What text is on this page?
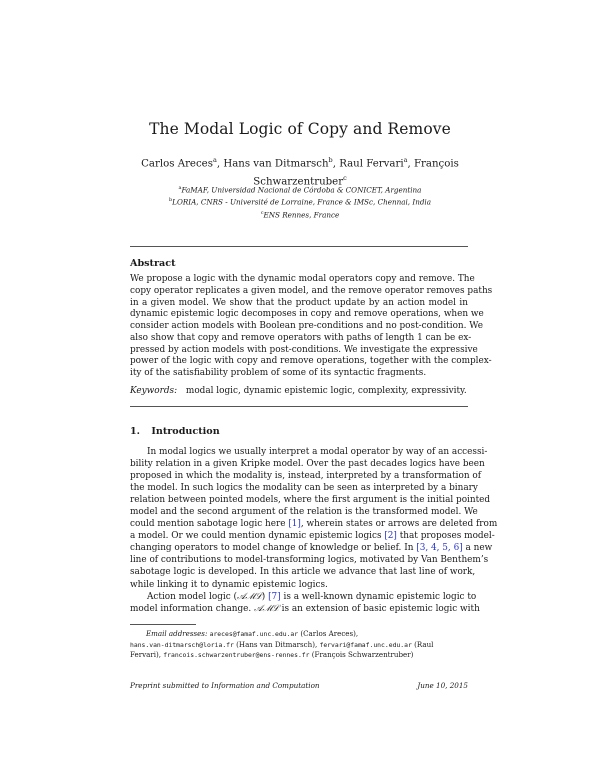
The Modal Logic of Copy and Remove
Carlos Areces$^a$, Hans van Ditmarsch$^b$, Raul Fervari$^a$, François
Schwarzentruber$^c$
$^a$FaMAF, Universidad Nacional de Córdoba & CONICET, Argentina
$^b$LORIA, CNRS - Université de Lorraine, France & IMSc, Chennai, India
$^c$ENS Rennes, France
Abstract
We propose a logic with the dynamic modal operators copy and remove. The
copy operator replicates a given model, and the remove operator removes paths
in a given model. We show that the product update by an action model in
dynamic epistemic logic decomposes in copy and remove operations, when we
consider action models with Boolean pre-conditions and no post-condition. We
also show that copy and remove operators with paths of length 1 can be ex-
pressed by action models with post-conditions. We investigate the expressive
power of the logic with copy and remove operations, together with the complex-
ity of the satisfiability problem of some of its syntactic fragments.
Keywords: modal logic, dynamic epistemic logic, complexity, expressivity.
1. Introduction
In modal logics we usually interpret a modal operator by way of an accessi-
bility relation in a given Kripke model. Over the past decades logics have been
proposed in which the modality is, instead, interpreted by a transformation of
the model. In such logics the modality can be seen as interpreted by a binary
relation between pointed models, where the first argument is the initial pointed
model and the second argument of the relation is the transformed model. We
could mention sabotage logic here [1], wherein states or arrows are deleted from
a model. Or we could mention dynamic epistemic logics [2] that proposes model-
changing operators to model change of knowledge or belief. In [3, 4, 5, 6] a new
line of contributions to model-transforming logics, motivated by Van Benthem’s
sabotage logic is developed. In this article we advance that last line of work,
while linking it to dynamic epistemic logics.
Action model logic (𝒜ℳℒ) [7] is a well-known dynamic epistemic logic to
model information change. 𝒜ℳℒ is an extension of basic epistemic logic with
Email addresses: areces@famaf.unc.edu.ar (Carlos Areces),
hans.van-ditmarsch@loria.fr (Hans van Ditmarsch), fervari@famaf.unc.edu.ar (Raul
Fervari), francois.schwarzentruber@ens-rennes.fr (François Schwarzentruber)
Preprint submitted to Information and Computation	June 10, 2015
